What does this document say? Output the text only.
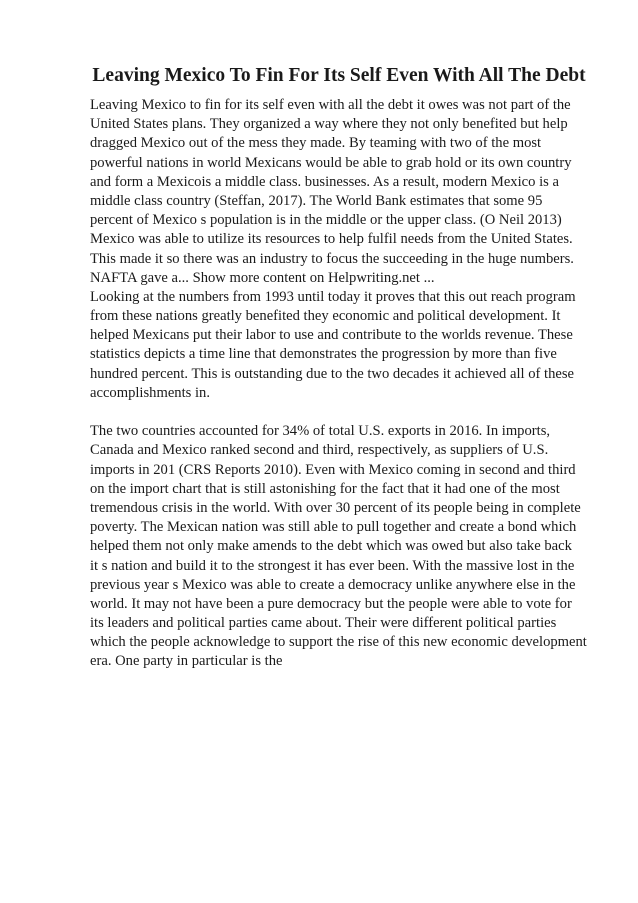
Leaving Mexico To Fin For Its Self Even With All The Debt
Leaving Mexico to fin for its self even with all the debt it owes was not part of the
United States plans. They organized a way where they not only benefited but help
dragged Mexico out of the mess they made. By teaming with two of the most
powerful nations in world Mexicans would be able to grab hold or its own country
and form a Mexicois a middle class. businesses. As a result, modern Mexico is a
middle class country (Steffan, 2017). The World Bank estimates that some 95
percent of Mexico s population is in the middle or the upper class. (O Neil 2013)
Mexico was able to utilize its resources to help fulfil needs from the United States.
This made it so there was an industry to focus the succeeding in the huge numbers.
NAFTA gave a... Show more content on Helpwriting.net ...
Looking at the numbers from 1993 until today it proves that this out reach program
from these nations greatly benefited they economic and political development. It
helped Mexicans put their labor to use and contribute to the worlds revenue. These
statistics depicts a time line that demonstrates the progression by more than five
hundred percent. This is outstanding due to the two decades it achieved all of these
accomplishments in.
The two countries accounted for 34% of total U.S. exports in 2016. In imports,
Canada and Mexico ranked second and third, respectively, as suppliers of U.S.
imports in 201 (CRS Reports 2010). Even with Mexico coming in second and third
on the import chart that is still astonishing for the fact that it had one of the most
tremendous crisis in the world. With over 30 percent of its people being in complete
poverty. The Mexican nation was still able to pull together and create a bond which
helped them not only make amends to the debt which was owed but also take back
it s nation and build it to the strongest it has ever been. With the massive lost in the
previous year s Mexico was able to create a democracy unlike anywhere else in the
world. It may not have been a pure democracy but the people were able to vote for
its leaders and political parties came about. Their were different political parties
which the people acknowledge to support the rise of this new economic development
era. One party in particular is the
